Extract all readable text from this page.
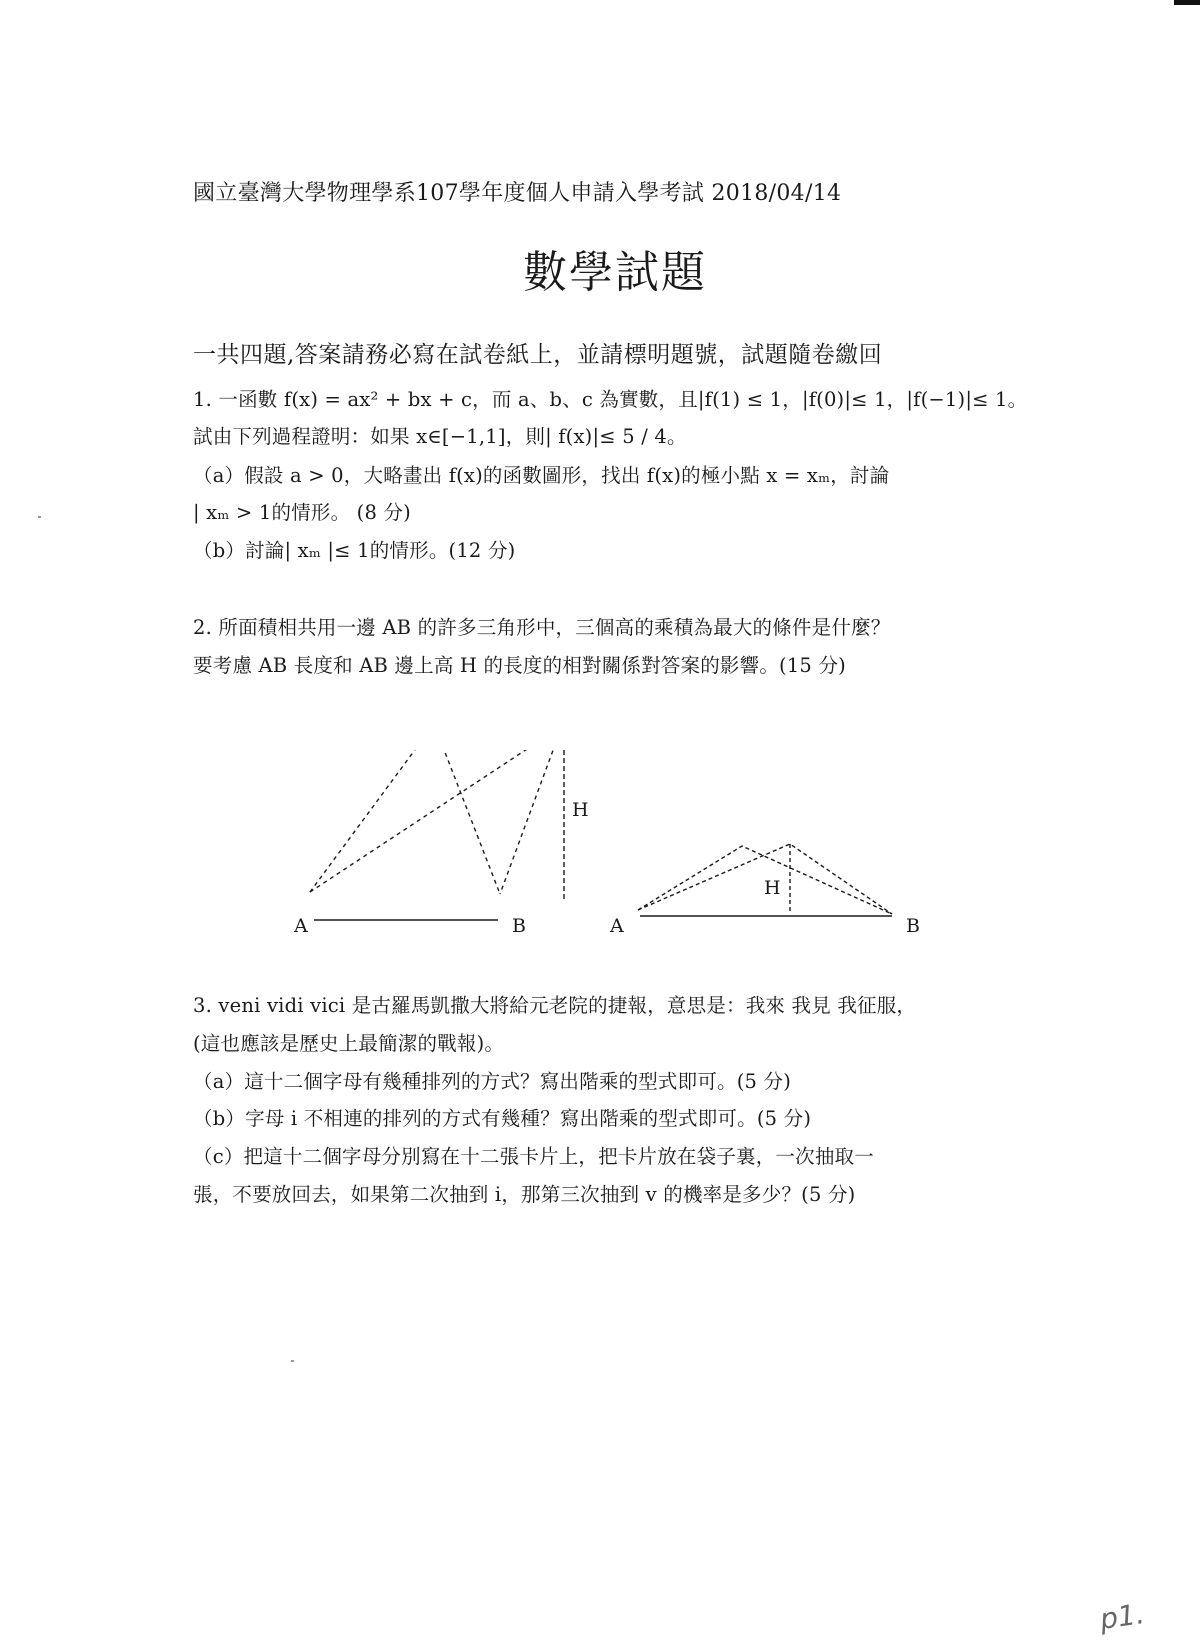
國立臺灣大學物理學系107學年度個人申請入學考試 2018/04/14
數學試題
一共四題,答案請務必寫在試卷紙上，並請標明題號，試題隨卷繳回
1. 一函數 f(x) = ax² + bx + c，而 a、b、c 為實數，且|f(1) ≤ 1，|f(0)|≤ 1，|f(−1)|≤ 1。
試由下列過程證明：如果 x∈[−1,1]，則| f(x)|≤ 5 / 4。
（a）假設 a > 0，大略畫出 f(x)的函數圖形，找出 f(x)的極小點 x = xₘ，討論
| xₘ > 1的情形。 (8 分)
（b）討論| xₘ |≤ 1的情形。(12 分)
2. 所面積相共用一邊 AB 的許多三角形中，三個高的乘積為最大的條件是什麼？
要考慮 AB 長度和 AB 邊上高 H 的長度的相對關係對答案的影響。(15 分)
A	B
H
A	B
H
3. veni vidi vici 是古羅馬凱撒大將給元老院的捷報，意思是：我來 我見 我征服，
(這也應該是歷史上最簡潔的戰報)。
（a）這十二個字母有幾種排列的方式？寫出階乘的型式即可。(5 分)
（b）字母 i 不相連的排列的方式有幾種？寫出階乘的型式即可。(5 分)
（c）把這十二個字母分別寫在十二張卡片上，把卡片放在袋子裏，一次抽取一
張，不要放回去，如果第二次抽到 i，那第三次抽到 v 的機率是多少？(5 分)
p1.
